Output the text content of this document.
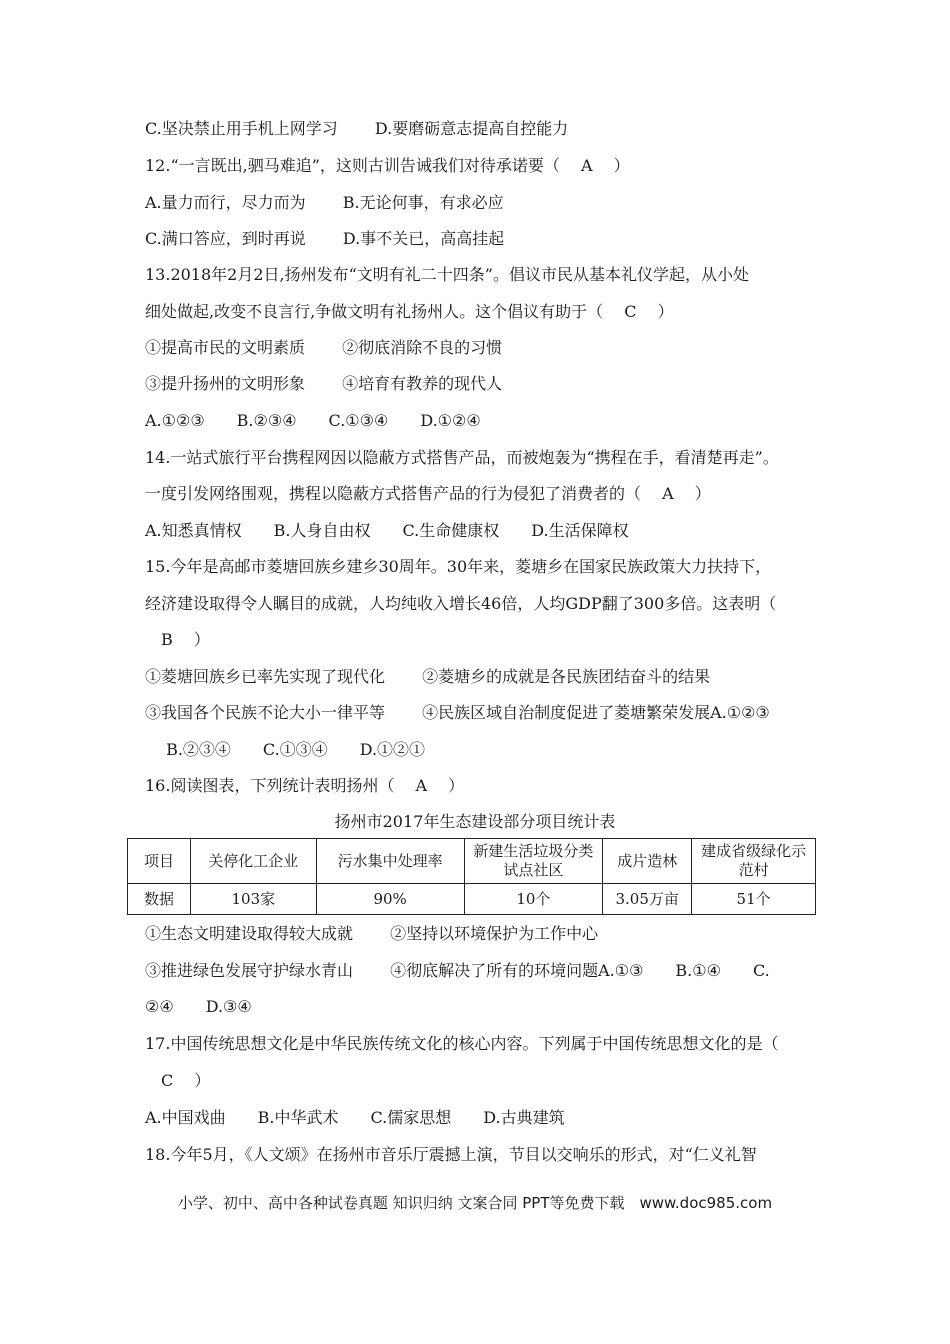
C.坚决禁止用手机上网学习　　 D.要磨砺意志提高自控能力
12.“一言既出,驷马难追”，这则古训告诫我们对待承诺要（　 A　 ）
A.量力而行，尽力而为　　 B.无论何事，有求必应
C.满口答应，到时再说　　 D.事不关已，高高挂起
13.2018年2月2日,扬州发布“文明有礼二十四条”。倡议市民从基本礼仪学起，从小处
细处做起,改变不良言行,争做文明有礼扬州人。这个倡议有助于（　 C　 ）
①提高市民的文明素质　　 ②彻底消除不良的习惯
③提升扬州的文明形象　　 ④培育有教养的现代人
A.①②③　　B.②③④　　C.①③④　　D.①②④
14.一站式旅行平台携程网因以隐蔽方式搭售产品，而被炮轰为“携程在手，看清楚再走”。
一度引发网络围观，携程以隐蔽方式搭售产品的行为侵犯了消费者的（　 A　 ）
A.知悉真情权　　B.人身自由权　　C.生命健康权　　D.生活保障权
15.今年是高邮市菱塘回族乡建乡30周年。30年来，菱塘乡在国家民族政策大力扶持下，
经济建设取得令人瞩目的成就，人均纯收入增长46倍，人均GDP翻了300多倍。这表明（
　B　 ）
①菱塘回族乡已率先实现了现代化　　 ②菱塘乡的成就是各民族团结奋斗的结果
③我国各个民族不论大小一律平等　　 ④民族区域自治制度促进了菱塘繁荣发展A.①②③
　 B.②③④　　C.①③④　　D.①②①
16.阅读图表，下列统计表明扬州（　 A　 ）
扬州市2017年生态建设部分项目统计表
项目	关停化工企业	污水集中处理率	新建生活垃圾分类试点社区	成片造林	建成省级绿化示范村
数据	103家	90%	10个	3.05万亩	51个
①生态文明建设取得较大成就　　 ②坚持以环境保护为工作中心
③推进绿色发展守护绿水青山　　 ④彻底解决了所有的环境问题A.①③　　B.①④　　C.
②④　　D.③④
17.中国传统思想文化是中华民族传统文化的核心内容。下列属于中国传统思想文化的是（
　C　 ）
A.中国戏曲　　B.中华武术　　C.儒家思想　　D.古典建筑
18.今年5月，《人文颂》在扬州市音乐厅震撼上演，节目以交响乐的形式，对“仁义礼智
小学、初中、高中各种试卷真题 知识归纳 文案合同 PPT等免费下载　www.doc985.com
